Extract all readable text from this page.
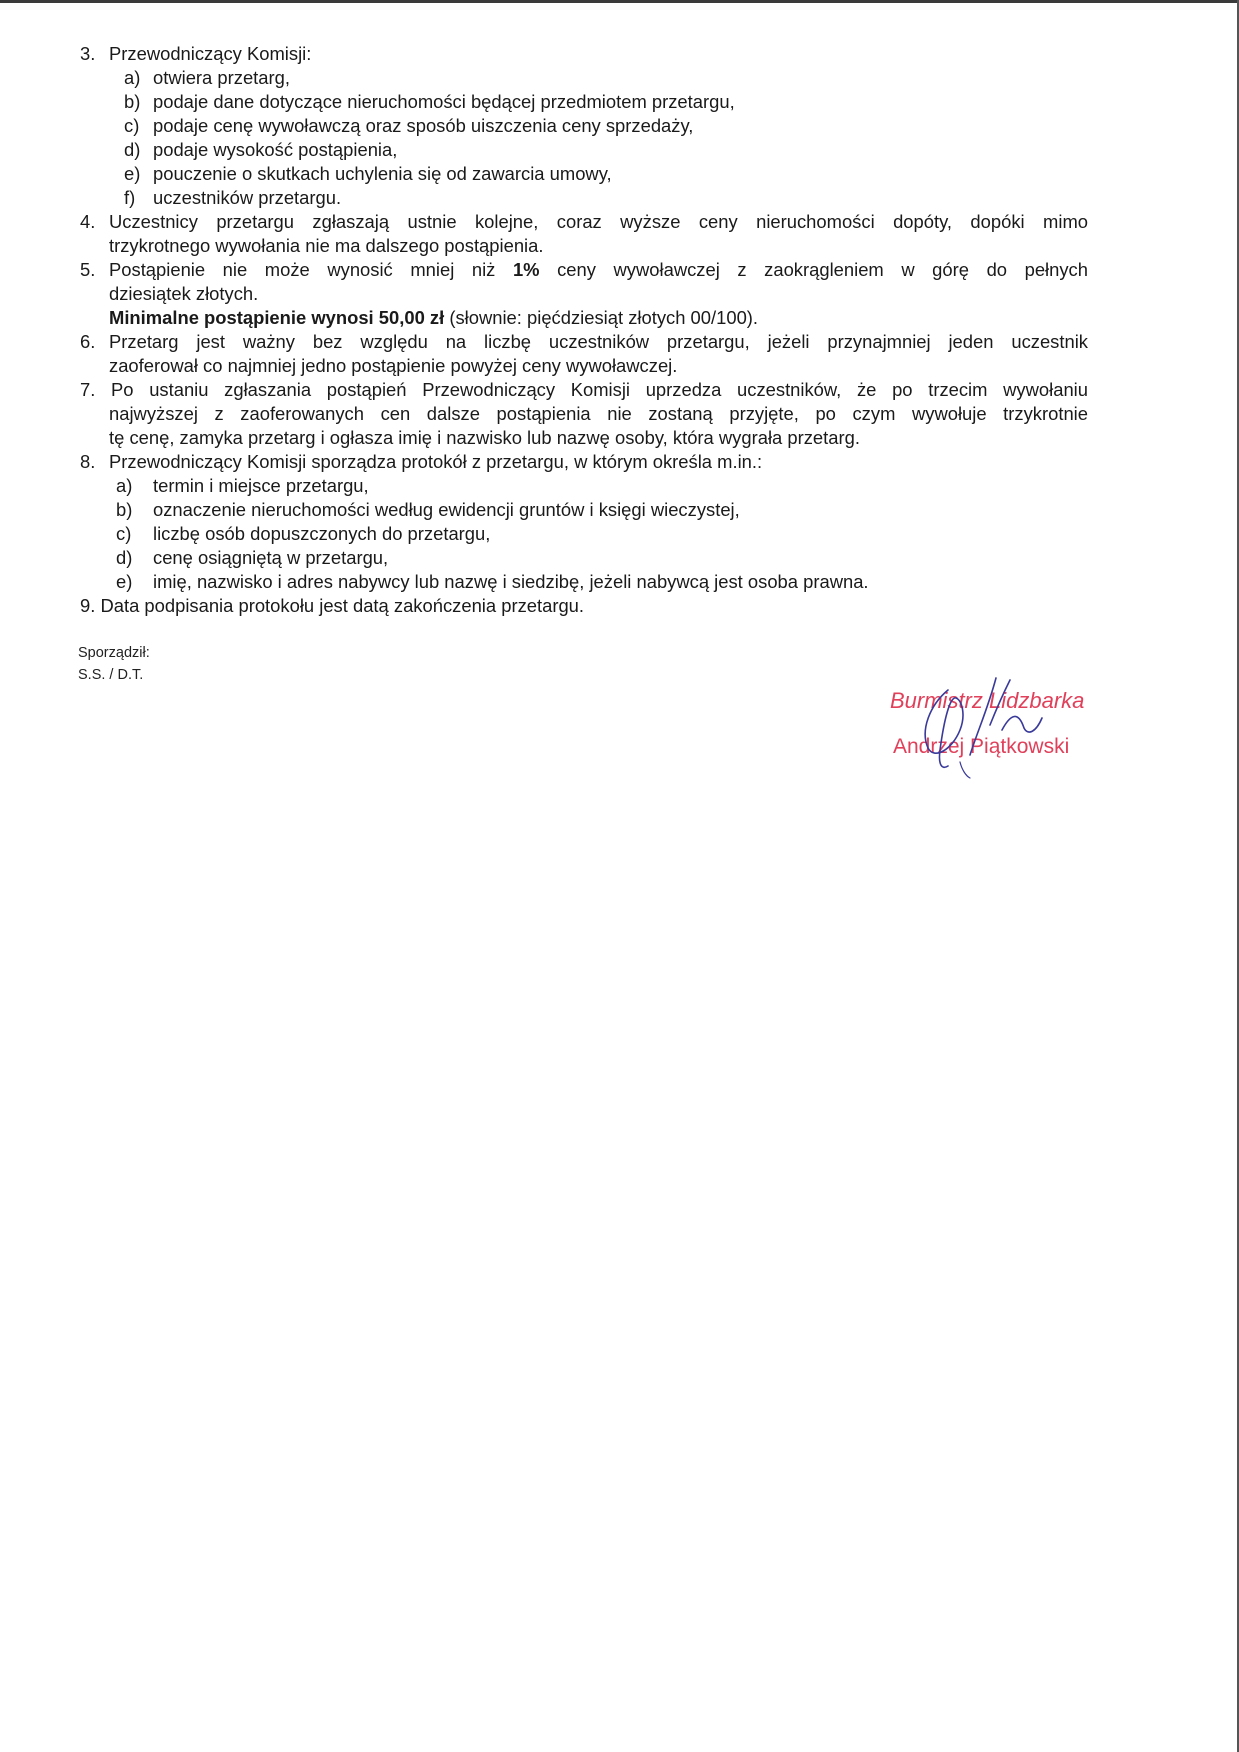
3. Przewodniczący Komisji:
a) otwiera przetarg,
b) podaje dane dotyczące nieruchomości będącej przedmiotem przetargu,
c) podaje cenę wywoławczą oraz sposób uiszczenia ceny sprzedaży,
d) podaje wysokość postąpienia,
e) pouczenie o skutkach uchylenia się od zawarcia umowy,
f) uczestników przetargu.
4. Uczestnicy przetargu zgłaszają ustnie kolejne, coraz wyższe ceny nieruchomości dopóty, dopóki mimo
trzykrotnego wywołania nie ma dalszego postąpienia.
5. Postąpienie nie może wynosić mniej niż 1% ceny wywoławczej z zaokrągleniem w górę do pełnych
dziesiątek złotych.
Minimalne postąpienie wynosi 50,00 zł (słownie: pięćdziesiąt złotych 00/100).
6. Przetarg jest ważny bez względu na liczbę uczestników przetargu, jeżeli przynajmniej jeden uczestnik
zaoferował co najmniej jedno postąpienie powyżej ceny wywoławczej.
7. Po ustaniu zgłaszania postąpień Przewodniczący Komisji uprzedza uczestników, że po trzecim wywołaniu
najwyższej z zaoferowanych cen dalsze postąpienia nie zostaną przyjęte, po czym wywołuje trzykrotnie
tę cenę, zamyka przetarg i ogłasza imię i nazwisko lub nazwę osoby, która wygrała przetarg.
8. Przewodniczący Komisji sporządza protokół z przetargu, w którym określa m.in.:
a) termin i miejsce przetargu,
b) oznaczenie nieruchomości według ewidencji gruntów i księgi wieczystej,
c) liczbę osób dopuszczonych do przetargu,
d) cenę osiągniętą w przetargu,
e) imię, nazwisko i adres nabywcy lub nazwę i siedzibę, jeżeli nabywcą jest osoba prawna.
9. Data podpisania protokołu jest datą zakończenia przetargu.
Sporządził:
S.S. / D.T.
Burmistrz Lidzbarka
Andrzej Piątkowski
